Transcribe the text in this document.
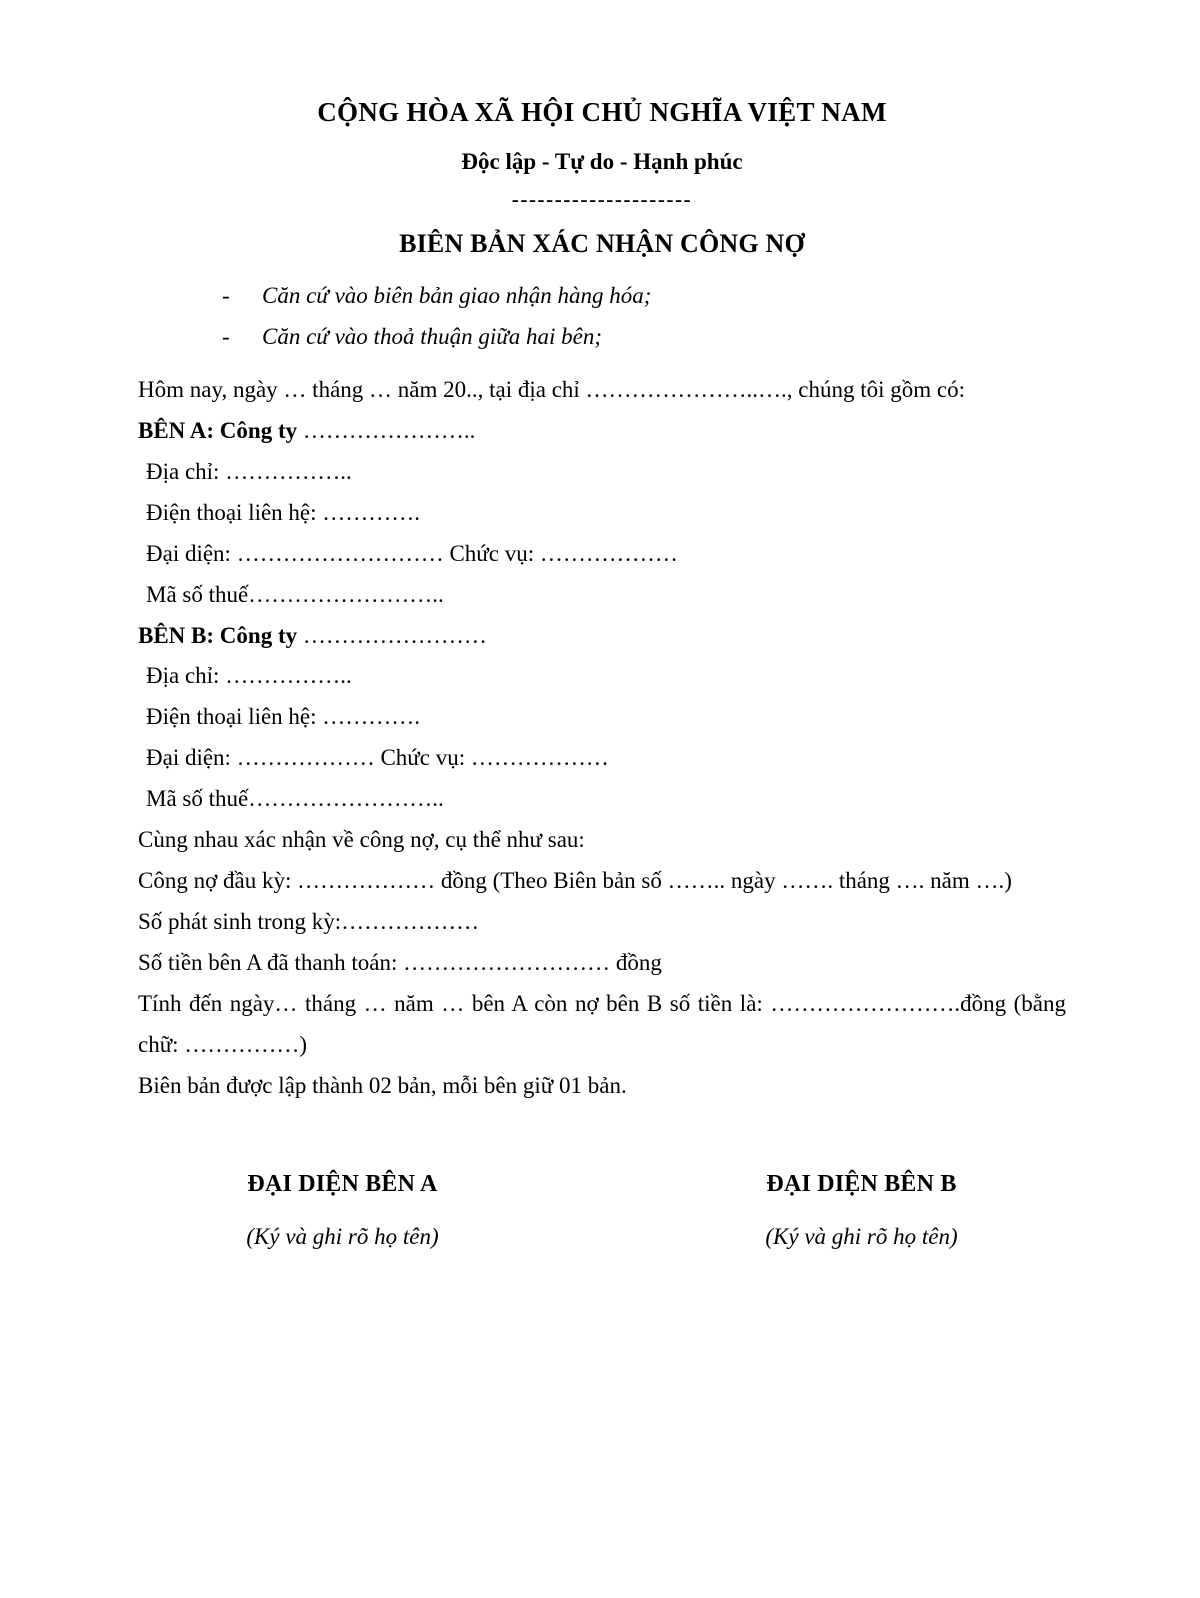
CỘNG HÒA XÃ HỘI CHỦ NGHĨA VIỆT NAM
Độc lập - Tự do - Hạnh phúc
---------------------
BIÊN BẢN XÁC NHẬN CÔNG NỢ
-	Căn cứ vào biên bản giao nhận hàng hóa;
-	Căn cứ vào thoả thuận giữa hai bên;

Hôm nay, ngày … tháng … năm 20.., tại địa chỉ …………………..…., chúng tôi gồm có:

BÊN A: Công ty …………………..

Địa chỉ: ……………..

Điện thoại liên hệ: ………….

Đại diện: ……………………… Chức vụ: ………………

Mã số thuế……………………..

BÊN B: Công ty ……………………

Địa chỉ: ……………..

Điện thoại liên hệ: ………….

Đại diện: ……………… Chức vụ: ………………

Mã số thuế……………………..

Cùng nhau xác nhận về công nợ, cụ thể như sau:

Công nợ đầu kỳ: ……………… đồng (Theo Biên bản số …….. ngày ……. tháng …. năm ….)

Số phát sinh trong kỳ:………………

Số tiền bên A đã thanh toán: ……………………… đồng

Tính đến ngày… tháng … năm … bên A còn nợ bên B số tiền là: …………………….đồng (bằng chữ: ……………)

Biên bản được lập thành 02 bản, mỗi bên giữ 01 bản.

ĐẠI DIỆN BÊN A
(Ký và ghi rõ họ tên)
ĐẠI DIỆN BÊN B
(Ký và ghi rõ họ tên)
